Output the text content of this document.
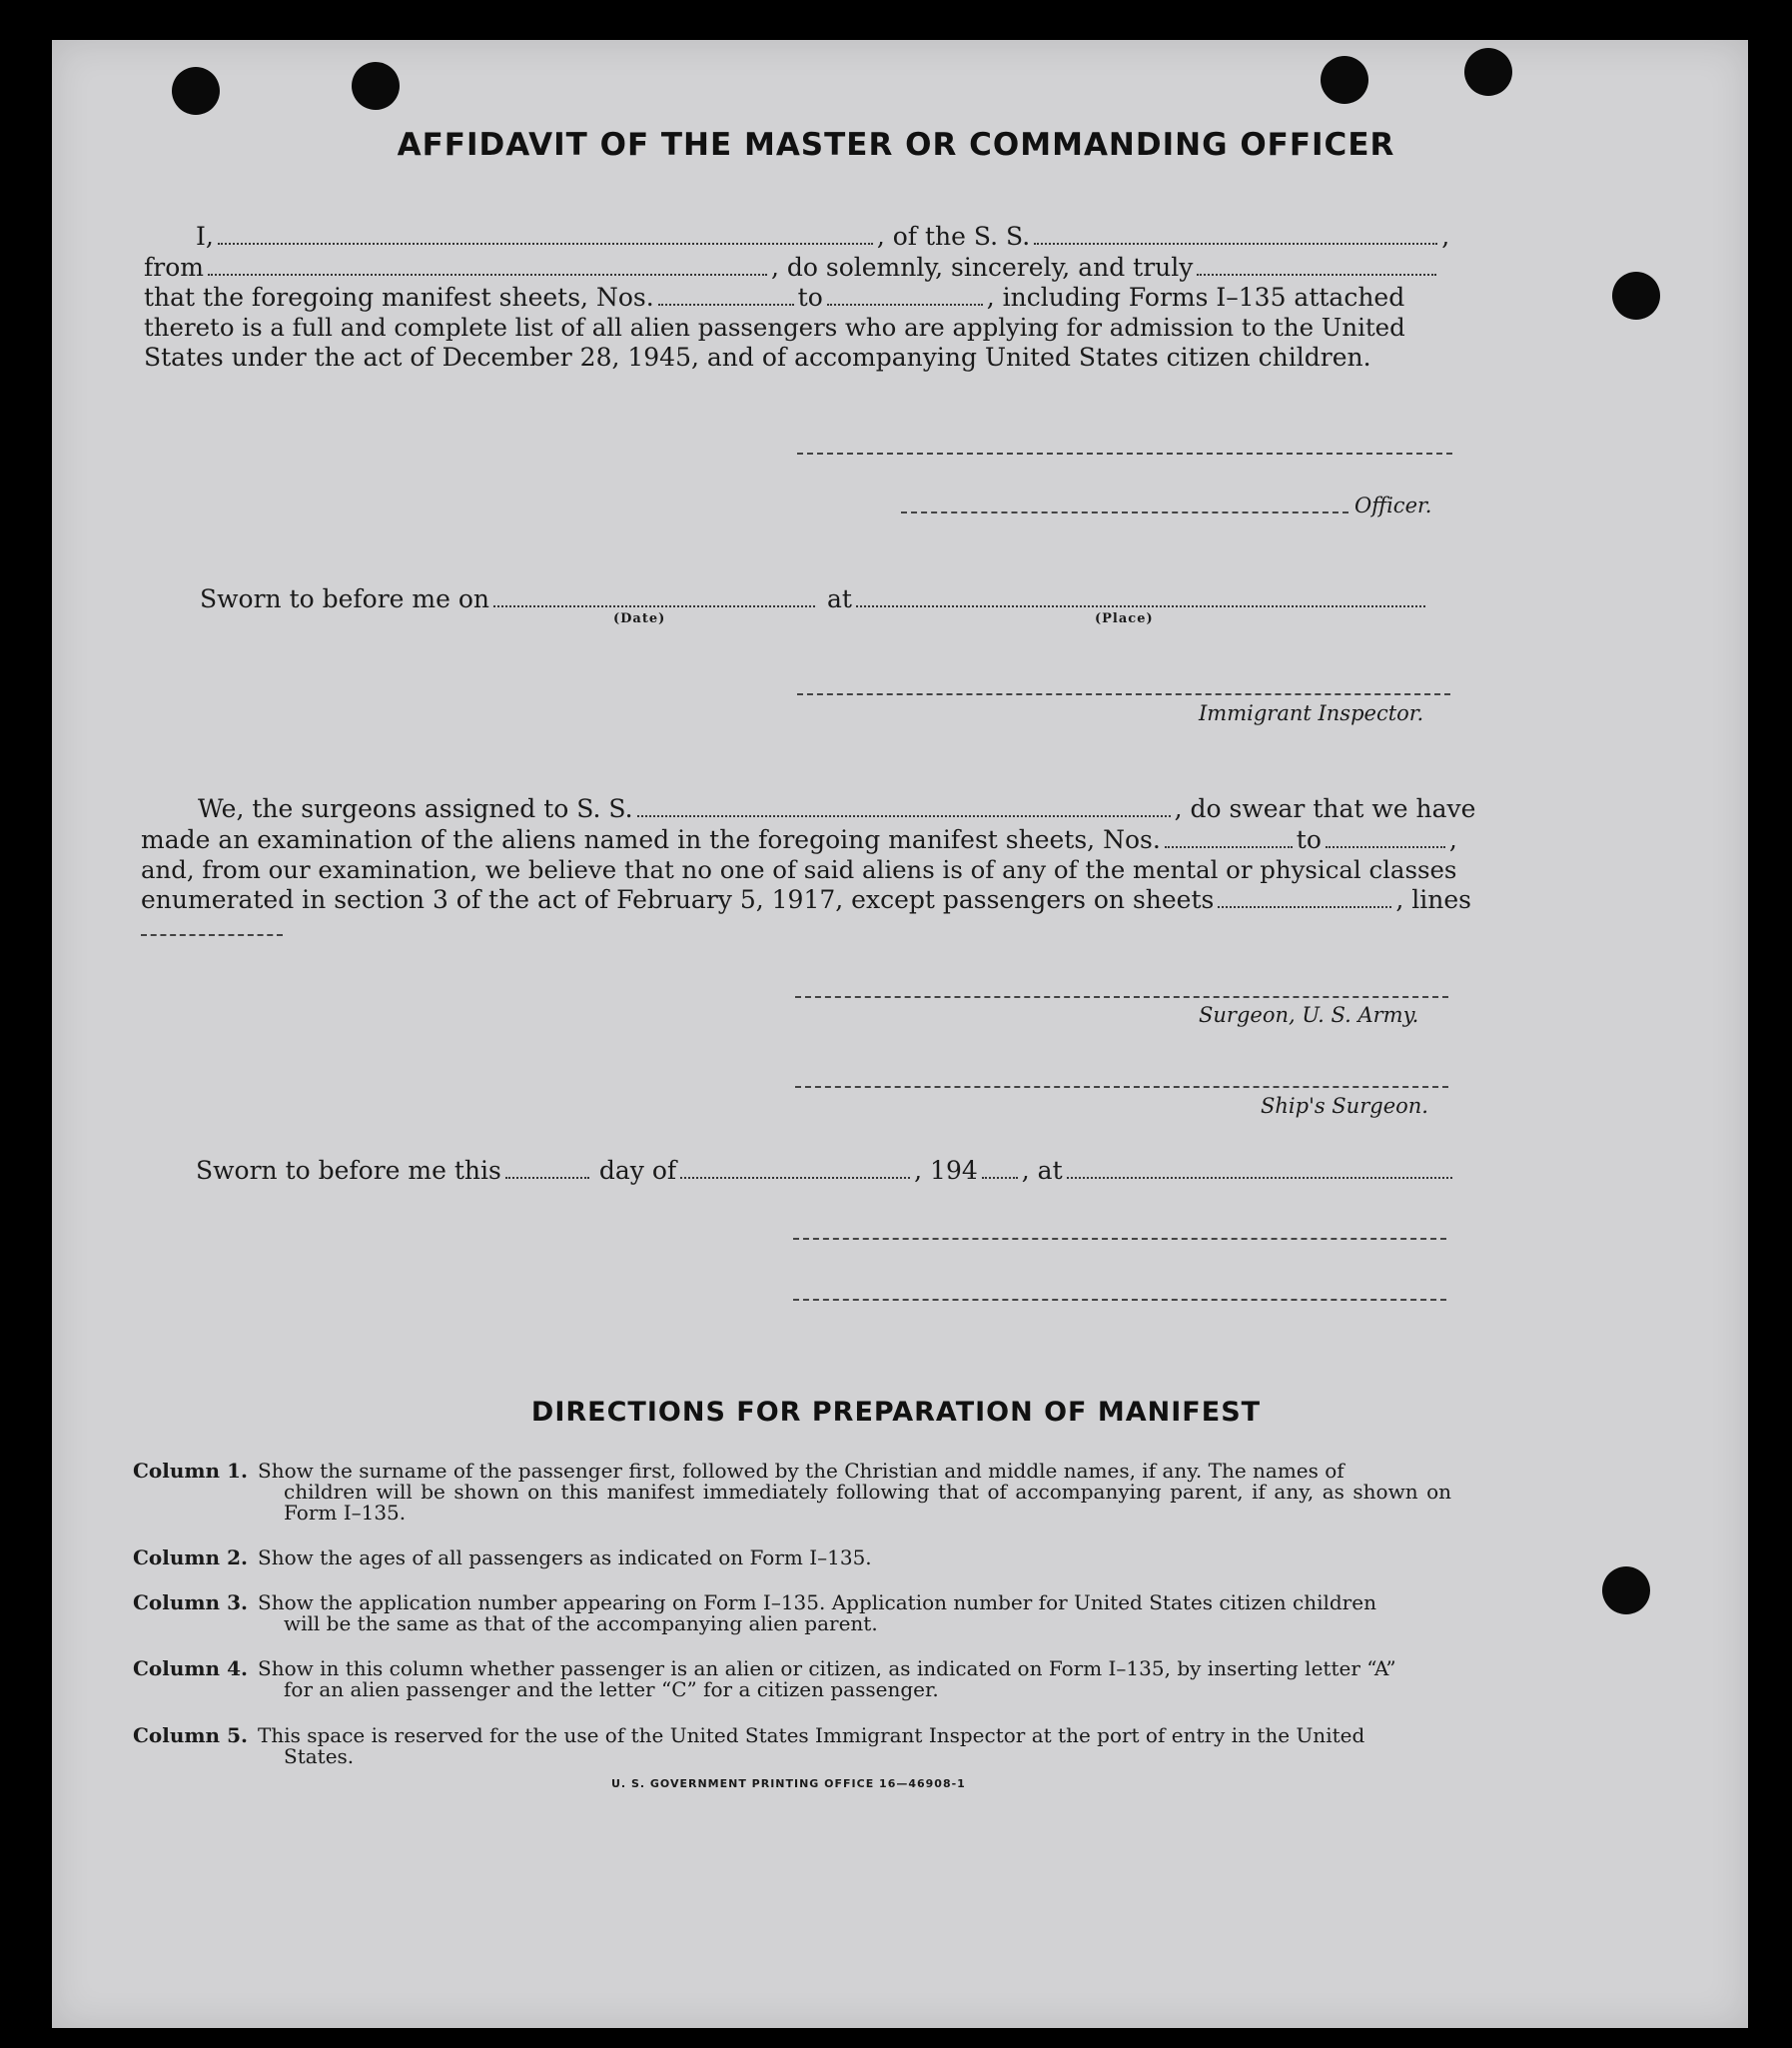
AFFIDAVIT OF THE MASTER OR COMMANDING OFFICER
I,	, of the S. S.	,
from	, do solemnly, sincerely, and truly
that the foregoing manifest sheets, Nos.	to	, including Forms I–135 attached
thereto is a full and complete list of all alien passengers who are applying for admission to the United
States under the act of December 28, 1945, and of accompanying United States citizen children.
Officer.
Sworn to before me on	at
(Date)	(Place)
Immigrant Inspector.
We, the surgeons assigned to S. S.	, do swear that we have
made an examination of the aliens named in the foregoing manifest sheets, Nos.	to	,
and, from our examination, we believe that no one of said aliens is of any of the mental or physical classes
enumerated in section 3 of the act of February 5, 1917, except passengers on sheets	, lines
Surgeon, U. S. Army.
Ship's Surgeon.
Sworn to before me this	day of	, 194 , at
DIRECTIONS FOR PREPARATION OF MANIFEST
Column 1. Show the surname of the passenger first, followed by the Christian and middle names, if any. The names of
children will be shown on this manifest immediately following that of accompanying parent, if any, as shown on Form I–135.
Column 2. Show the ages of all passengers as indicated on Form I–135.
Column 3. Show the application number appearing on Form I–135. Application number for United States citizen children
will be the same as that of the accompanying alien parent.
Column 4. Show in this column whether passenger is an alien or citizen, as indicated on Form I–135, by inserting letter “A”
for an alien passenger and the letter “C” for a citizen passenger.
Column 5. This space is reserved for the use of the United States Immigrant Inspector at the port of entry in the United
States.
U. S. GOVERNMENT PRINTING OFFICE 16—46908-1
